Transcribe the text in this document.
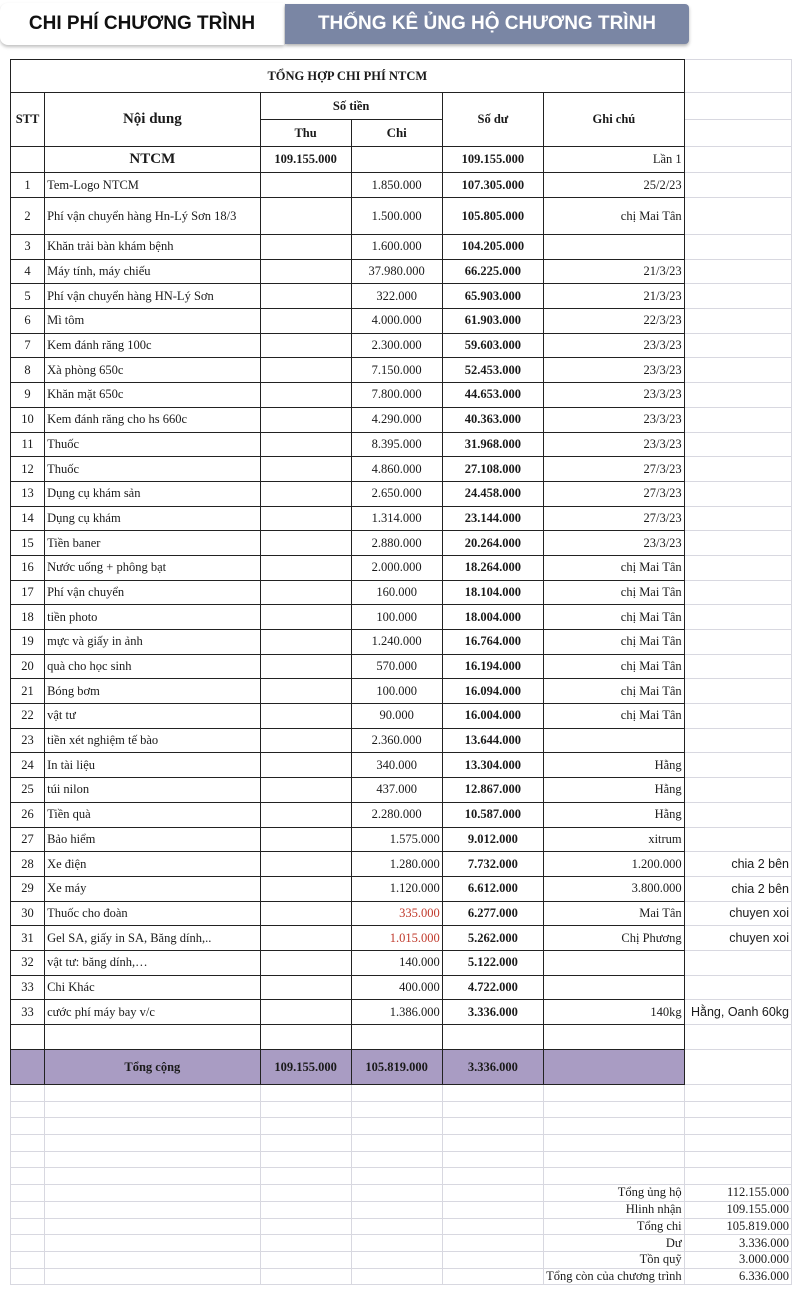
CHI PHÍ CHƯƠNG TRÌNH	THỐNG KÊ ỦNG HỘ CHƯƠNG TRÌNH
TỔNG HỢP CHI PHÍ NTCM						
STT	Nội dung	Số tiền		Số dư	Ghi chú	
		Thu	Chi			
	NTCM	109.155.000		109.155.000	Lần 1	
1	Tem-Logo NTCM		1.850.000	107.305.000	25/2/23	
2	Phí vận chuyển hàng Hn-Lý Sơn 18/3		1.500.000	105.805.000	chị Mai Tân	
3	Khăn trải bàn khám bệnh		1.600.000	104.205.000		
4	Máy tính, máy chiếu		37.980.000	66.225.000	21/3/23	
5	Phí vận chuyển hàng HN-Lý Sơn		322.000	65.903.000	21/3/23	
6	Mì tôm		4.000.000	61.903.000	22/3/23	
7	Kem đánh răng 100c		2.300.000	59.603.000	23/3/23	
8	Xà phòng 650c		7.150.000	52.453.000	23/3/23	
9	Khăn mặt 650c		7.800.000	44.653.000	23/3/23	
10	Kem đánh răng cho hs 660c		4.290.000	40.363.000	23/3/23	
11	Thuốc		8.395.000	31.968.000	23/3/23	
12	Thuốc		4.860.000	27.108.000	27/3/23	
13	Dụng cụ khám sản		2.650.000	24.458.000	27/3/23	
14	Dụng cụ khám		1.314.000	23.144.000	27/3/23	
15	Tiền baner		2.880.000	20.264.000	23/3/23	
16	Nước uống + phông bạt		2.000.000	18.264.000	chị Mai Tân	
17	Phí vận chuyển		160.000	18.104.000	chị Mai Tân	
18	tiền photo		100.000	18.004.000	chị Mai Tân	
19	mực và giấy in ảnh		1.240.000	16.764.000	chị Mai Tân	
20	quà cho học sinh		570.000	16.194.000	chị Mai Tân	
21	Bóng bơm		100.000	16.094.000	chị Mai Tân	
22	vật tư		90.000	16.004.000	chị Mai Tân	
23	tiền xét nghiệm tế bào		2.360.000	13.644.000		
24	In tài liệu		340.000	13.304.000	Hằng	
25	túi nilon		437.000	12.867.000	Hằng	
26	Tiền quà		2.280.000	10.587.000	Hằng	
27	Bảo hiểm		1.575.000	9.012.000	xitrum	
28	Xe điện		1.280.000	7.732.000	1.200.000	chia 2 bên
29	Xe máy		1.120.000	6.612.000	3.800.000	chia 2 bên
30	Thuốc cho đoàn		335.000	6.277.000	Mai Tân	chuyen xoi
31	Gel SA, giấy in SA, Băng dính,..		1.015.000	5.262.000	Chị Phương	chuyen xoi
32	vật tư: băng dính,…		140.000	5.122.000		
33	Chi Khác		400.000	4.722.000		
33	cước phí máy bay v/c		1.386.000	3.336.000	140kg	Hằng, Oanh 60kg

	Tổng cộng	109.155.000	105.819.000	3.336.000		

					Tổng ủng hộ	112.155.000
					Hlinh nhận	109.155.000
					Tổng chi	105.819.000
					Dư	3.336.000
					Tồn quỹ	3.000.000
					Tổng còn của chương trình	6.336.000
